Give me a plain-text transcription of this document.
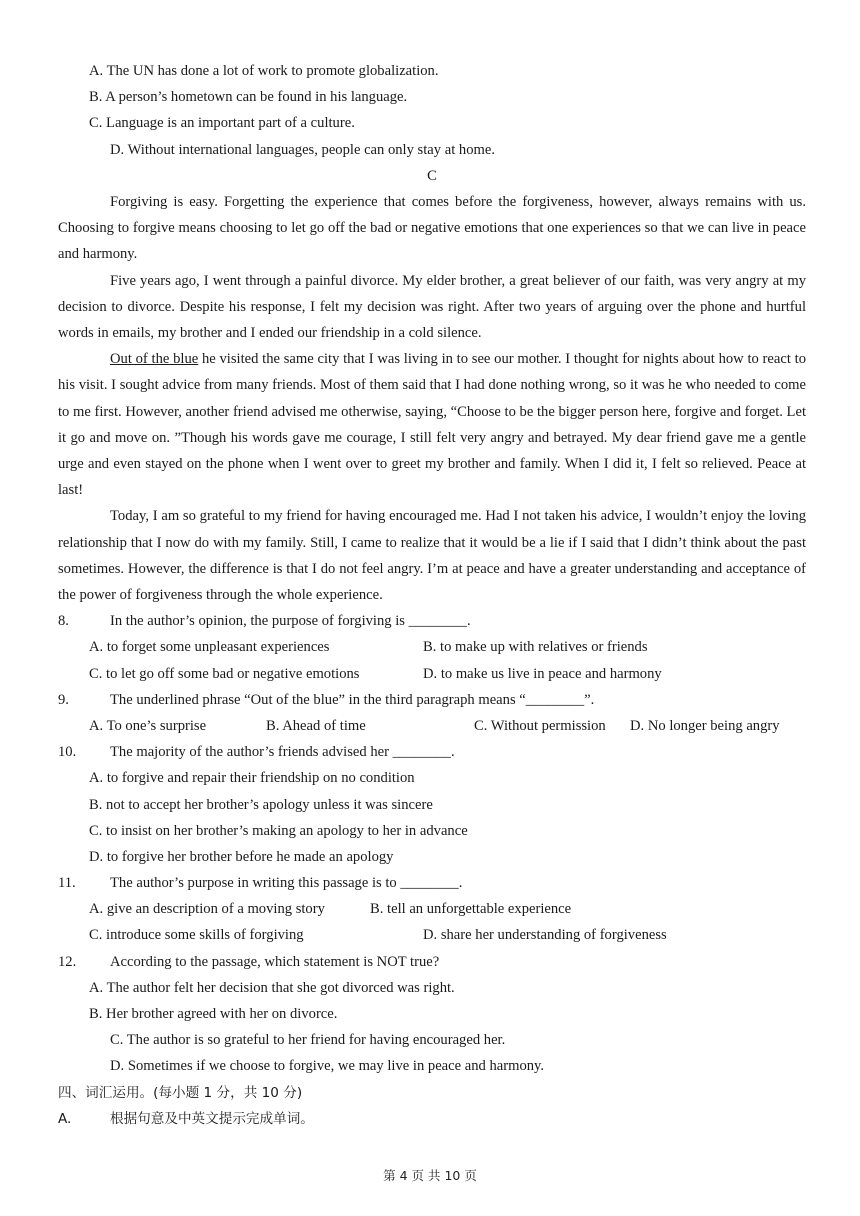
A. The UN has done a lot of work to promote globalization.
B. A person’s hometown can be found in his language.
C. Language is an important part of a culture.
D. Without international languages, people can only stay at home.
C
Forgiving is easy. Forgetting the experience that comes before the forgiveness, however, always remains with us. Choosing to forgive means choosing to let go off the bad or negative emotions that one experiences so that we can live in peace and harmony.
Five years ago, I went through a painful divorce. My elder brother, a great believer of our faith, was very angry at my decision to divorce. Despite his response, I felt my decision was right. After two years of arguing over the phone and hurtful words in emails, my brother and I ended our friendship in a cold silence.
Out of the blue he visited the same city that I was living in to see our mother. I thought for nights about how to react to his visit. I sought advice from many friends. Most of them said that I had done nothing wrong, so it was he who needed to come to me first. However, another friend advised me otherwise, saying, “Choose to be the bigger person here, forgive and forget. Let it go and move on. ”Though his words gave me courage, I still felt very angry and betrayed. My dear friend gave me a gentle urge and even stayed on the phone when I went over to greet my brother and family. When I did it, I felt so relieved. Peace at last!
Today, I am so grateful to my friend for having encouraged me. Had I not taken his advice, I wouldn’t enjoy the loving relationship that I now do with my family. Still, I came to realize that it would be a lie if I said that I didn’t think about the past sometimes. However, the difference is that I do not feel angry. I’m at peace and have a greater understanding and acceptance of the power of forgiveness through the whole experience.
8.	In the author’s opinion, the purpose of forgiving is ________.
A. to forget some unpleasant experiences	B. to make up with relatives or friends
C. to let go off some bad or negative emotions	D. to make us live in peace and harmony
9.	The underlined phrase “Out of the blue” in the third paragraph means “________”.
A. To one’s surprise	B. Ahead of time	C. Without permission	D. No longer being angry
10.	The majority of the author’s friends advised her ________.
A. to forgive and repair their friendship on no condition
B. not to accept her brother’s apology unless it was sincere
C. to insist on her brother’s making an apology to her in advance
D. to forgive her brother before he made an apology
11.	The author’s purpose in writing this passage is to ________.
A. give an description of a moving story	B. tell an unforgettable experience
C. introduce some skills of forgiving	D. share her understanding of forgiveness
12.	According to the passage, which statement is NOT true?
A. The author felt her decision that she got divorced was right.
B. Her brother agreed with her on divorce.
C. The author is so grateful to her friend for having encouraged her.
D. Sometimes if we choose to forgive, we may live in peace and harmony.
四、词汇运用。(每小题 1 分，共 10 分)
A.	根据句意及中英文提示完成单词。
第 4 页 共 10 页
